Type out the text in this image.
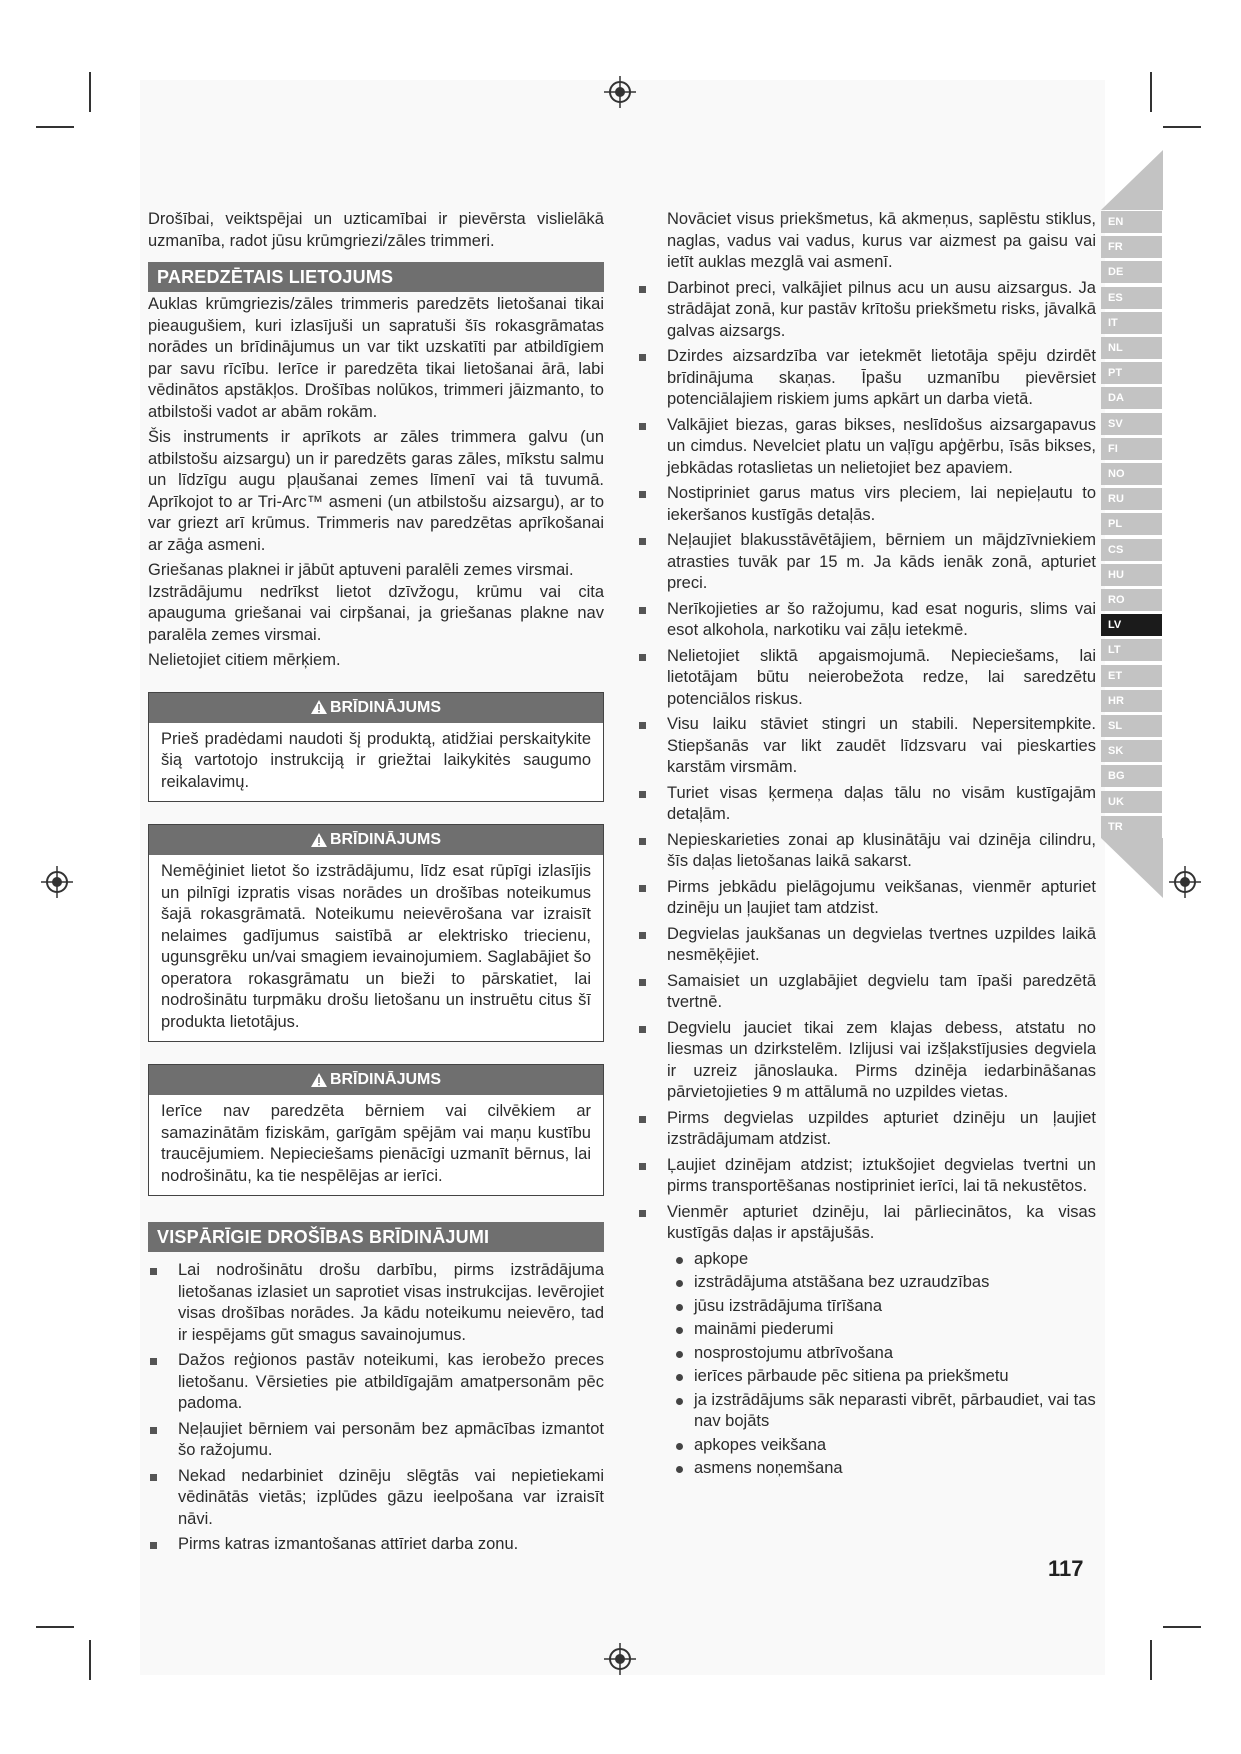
EN
FR
DE
ES
IT
NL
PT
DA
SV
FI
NO
RU
PL
CS
HU
RO
LV
LT
ET
HR
SL
SK
BG
UK
TR

Drošībai, veiktspējai un uzticamībai ir pievērsta vislielākā uzmanība, radot jūsu krūmgriezi/zāles trimmeri.

PAREDZĒTAIS LIETOJUMS

Auklas krūmgriezis/zāles trimmeris paredzēts lietošanai tikai pieaugušiem, kuri izlasījuši un sapratuši šīs rokasgrāmatas norādes un brīdinājumus un var tikt uzskatīti par atbildīgiem par savu rīcību. Ierīce ir paredzēta tikai lietošanai ārā, labi vēdinātos apstākļos. Drošības nolūkos, trimmeri jāizmanto, to atbilstoši vadot ar abām rokām.

Šis instruments ir aprīkots ar zāles trimmera galvu (un atbilstošu aizsargu) un ir paredzēts garas zāles, mīkstu salmu un līdzīgu augu pļaušanai zemes līmenī vai tā tuvumā. Aprīkojot to ar Tri-Arc™ asmeni (un atbilstošu aizsargu), ar to var griezt arī krūmus. Trimmeris nav paredzētas aprīkošanai ar zāģa asmeni.

Griešanas plaknei ir jābūt aptuveni paralēli zemes virsmai.

Izstrādājumu nedrīkst lietot dzīvžogu, krūmu vai cita apauguma griešanai vai cirpšanai, ja griešanas plakne nav paralēla zemes virsmai.

Nelietojiet citiem mērķiem.

BRĪDINĀJUMS
Prieš pradėdami naudoti šį produktą, atidžiai perskaitykite šią vartotojo instrukciją ir griežtai laikykitės saugumo reikalavimų.
BRĪDINĀJUMS
Nemēģiniet lietot šo izstrādājumu, līdz esat rūpīgi izlasījis un pilnīgi izpratis visas norādes un drošības noteikumus šajā rokasgrāmatā. Noteikumu neievērošana var izraisīt nelaimes gadījumus saistībā ar elektrisko triecienu, ugunsgrēku un/vai smagiem ievainojumiem. Saglabājiet šo operatora rokasgrāmatu un bieži to pārskatiet, lai nodrošinātu turpmāku drošu lietošanu un instruētu citus šī produkta lietotājus.
BRĪDINĀJUMS
Ierīce nav paredzēta bērniem vai cilvēkiem ar samazinātām fiziskām, garīgām spējām vai maņu kustību traucējumiem. Nepieciešams pienācīgi uzmanīt bērnus, lai nodrošinātu, ka tie nespēlējas ar ierīci.
VISPĀRĪGIE DROŠĪBAS BRĪDINĀJUMI
Lai nodrošinātu drošu darbību, pirms izstrādājuma lietošanas izlasiet un saprotiet visas instrukcijas. Ievērojiet visas drošības norādes. Ja kādu noteikumu neievēro, tad ir iespējams gūt smagus savainojumus.
Dažos reģionos pastāv noteikumi, kas ierobežo preces lietošanu. Vērsieties pie atbildīgajām amatpersonām pēc padoma.
Neļaujiet bērniem vai personām bez apmācības izmantot šo ražojumu.
Nekad nedarbiniet dzinēju slēgtās vai nepietiekami vēdinātās vietās; izplūdes gāzu ieelpošana var izraisīt nāvi.
Pirms katras izmantošanas attīriet darba zonu.

Novāciet visus priekšmetus, kā akmeņus, saplēstu stiklus, naglas, vadus vai vadus, kurus var aizmest pa gaisu vai ietīt auklas mezglā vai asmenī.

Darbinot preci, valkājiet pilnus acu un ausu aizsargus. Ja strādājat zonā, kur pastāv krītošu priekšmetu risks, jāvalkā galvas aizsargs.
Dzirdes aizsardzība var ietekmēt lietotāja spēju dzirdēt brīdinājuma skaņas. Īpašu uzmanību pievērsiet potenciālajiem riskiem jums apkārt un darba vietā.
Valkājiet biezas, garas bikses, neslīdošus aizsargapavus un cimdus. Nevelciet platu un vaļīgu apģērbu, īsās bikses, jebkādas rotaslietas un nelietojiet bez apaviem.
Nostipriniet garus matus virs pleciem, lai nepieļautu to iekeršanos kustīgās detaļās.
Neļaujiet blakusstāvētājiem, bērniem un mājdzīvniekiem atrasties tuvāk par 15 m. Ja kāds ienāk zonā, apturiet preci.
Nerīkojieties ar šo ražojumu, kad esat noguris, slims vai esot alkohola, narkotiku vai zāļu ietekmē.
Nelietojiet sliktā apgaismojumā. Nepieciešams, lai lietotājam būtu neierobežota redze, lai saredzētu potenciālos riskus.
Visu laiku stāviet stingri un stabili. Nepersitempkite. Stiepšanās var likt zaudēt līdzsvaru vai pieskarties karstām virsmām.
Turiet visas ķermeņa daļas tālu no visām kustīgajām detaļām.
Nepieskarieties zonai ap klusinātāju vai dzinēja cilindru, šīs daļas lietošanas laikā sakarst.
Pirms jebkādu pielāgojumu veikšanas, vienmēr apturiet dzinēju un ļaujiet tam atdzist.
Degvielas jaukšanas un degvielas tvertnes uzpildes laikā nesmēķējiet.
Samaisiet un uzglabājiet degvielu tam īpaši paredzētā tvertnē.
Degvielu jauciet tikai zem klajas debess, atstatu no liesmas un dzirkstelēm. Izlijusi vai izšļakstījusies degviela ir uzreiz jānoslauka. Pirms dzinēja iedarbināšanas pārvietojieties 9 m attālumā no uzpildes vietas.
Pirms degvielas uzpildes apturiet dzinēju un ļaujiet izstrādājumam atdzist.
Ļaujiet dzinējam atdzist; iztukšojiet degvielas tvertni un pirms transportēšanas nostipriniet ierīci, lai tā nekustētos.
Vienmēr apturiet dzinēju, lai pārliecinātos, ka visas kustīgās daļas ir apstājušās.
apkope
izstrādājuma atstāšana bez uzraudzības
jūsu izstrādājuma tīrīšana
maināmi piederumi
nosprostojumu atbrīvošana
ierīces pārbaude pēc sitiena pa priekšmetu
ja izstrādājums sāk neparasti vibrēt, pārbaudiet, vai tas nav bojāts
apkopes veikšana
asmens noņemšana
117
